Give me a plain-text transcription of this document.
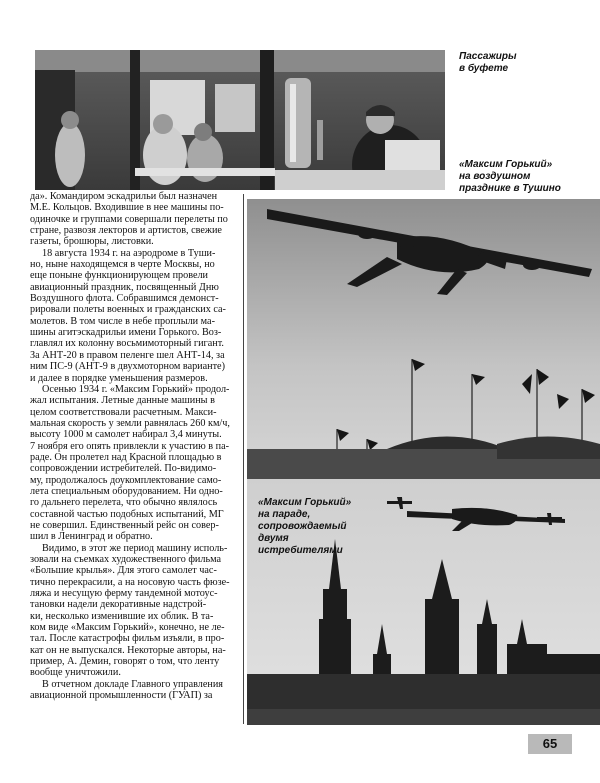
Пассажиры
в буфете

«Максим Горький»
на воздушном
празднике в Тушино

«Максим Горький»
на параде,
сопровождаемый
двумя
истребителями

да». Командиром эскадрильи был назначен
М.Е. Кольцов. Входившие в нее машины по-
одиночке и группами совершали перелеты по
стране, развозя лекторов и артистов, свежие
газеты, брошюры, листовки.

18 августа 1934 г. на аэродроме в Туши-
но, ныне находящемся в черте Москвы, но
еще поныне функционирующем провели
авиационный праздник, посвященный Дню
Воздушного флота. Собравшимся демонст-
рировали полеты военных и гражданских са-
молетов. В том числе в небе проплыли ма-
шины агитэскадрильи имени Горького. Воз-
главлял их колонну восьмимоторный гигант.
За АНТ-20 в правом пеленге шел АНТ-14, за
ним ПС-9 (АНТ-9 в двухмоторном варианте)
и далее в порядке уменьшения размеров.

Осенью 1934 г. «Максим Горький» продол-
жал испытания. Летные данные машины в
целом соответствовали расчетным. Макси-
мальная скорость у земли равнялась 260 км/ч,
высоту 1000 м самолет набирал 3,4 минуты.
7 ноября его опять привлекли к участию в па-
раде. Он пролетел над Красной площадью в
сопровождении истребителей. По-видимо-
му, продолжалось доукомплектование само-
лета специальным оборудованием. Ни одно-
го дальнего перелета, что обычно являлось
составной частью подобных испытаний, МГ
не совершил. Единственный рейс он совер-
шил в Ленинград и обратно.

Видимо, в этот же период машину исполь-
зовали на съемках художественного фильма
«Большие крылья». Для этого самолет час-
тично перекрасили, а на носовую часть фюзе-
ляжа и несущую ферму тандемной мотоус-
тановки надели декоративные надстрой-
ки, несколько изменившие их облик. В та-
ком виде «Максим Горький», конечно, не ле-
тал. После катастрофы фильм изъяли, в про-
кат он не выпускался. Некоторые авторы, на-
пример, А. Демин, говорят о том, что ленту
вообще уничтожили.

В отчетном докладе Главного управления
авиационной промышленности (ГУАП) за

65
